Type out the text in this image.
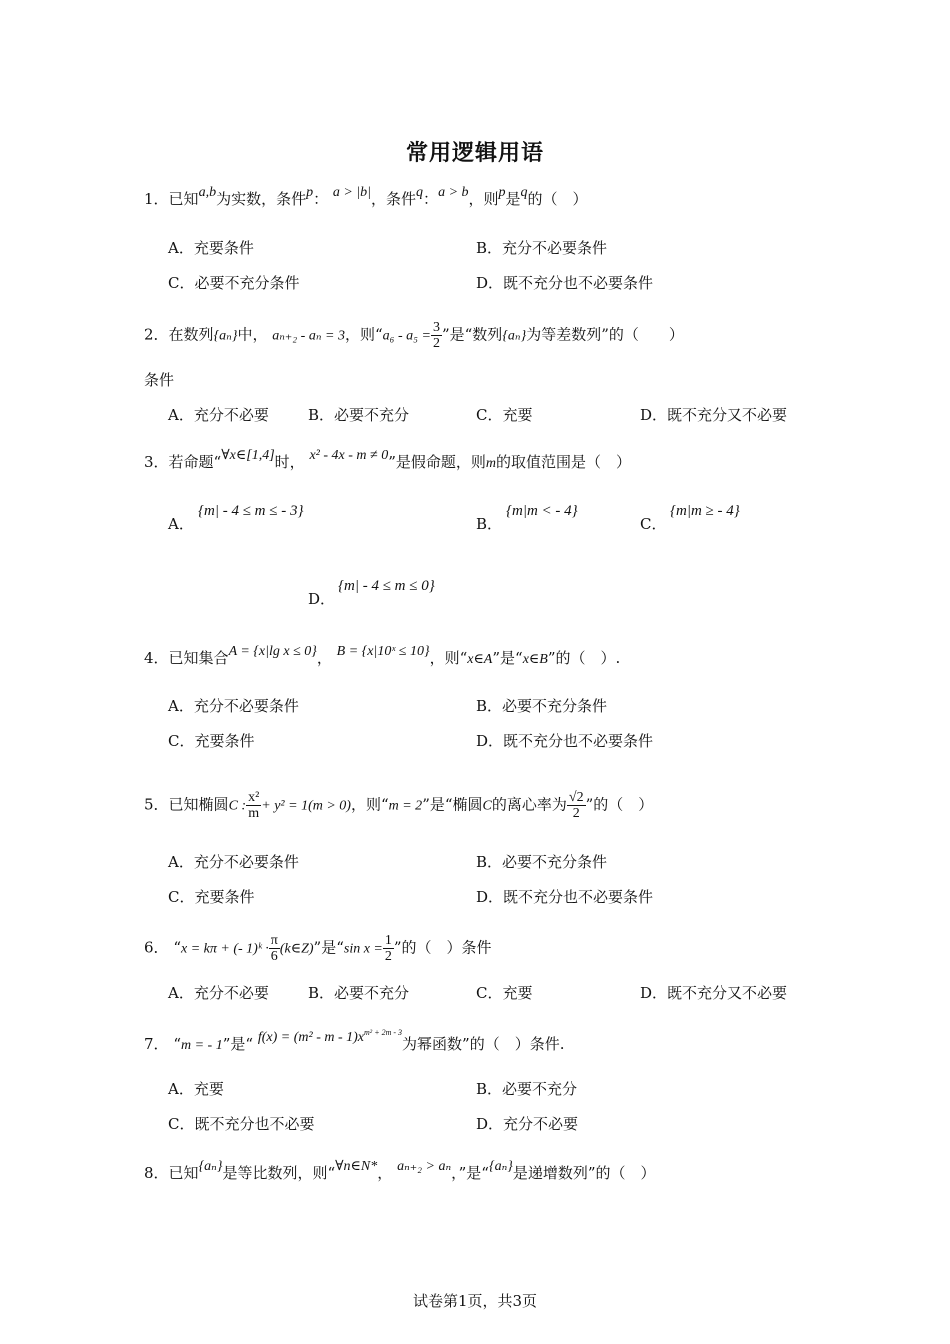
常用逻辑用语
1．已知a,b为实数，条件p： a > |b|，条件q：a > b，则p是q的（　）
A．充要条件	B．充分不必要条件
C．必要不充分条件	D．既不充分也不必要条件
2．在数列{aₙ}中， aₙ₊₂ - aₙ = 3，则“$a_6 - a_5 = \frac{3}{2}$ ”是“数列{aₙ}为等差数列”的（　　）
条件
A．充分不必要	B．必要不充分	C．充要	D．既不充分又不必要
3．若命题“∀x∈[1,4]时， x² - 4x - m ≠ 0”是假命题，则m的取值范围是（　）
A．
{m| - 4 ≤ m ≤ - 3}
B．
{m|m < - 4}
C．
{m|m ≥ - 4}
D．
{m| - 4 ≤ m ≤ 0}
4．已知集合A = {x|lg x ≤ 0}， B = {x|10ˣ ≤ 10}，则“x∈A”是“x∈B”的（　）.
A．充分不必要条件	B．必要不充分条件
C．充要条件	D．既不充分也不必要条件
5．已知椭圆C : $\frac{\text{x²}}{m} + y^2 = 1(m > 0)$，则“m = 2”是“椭圆C的离心率为 $\frac{√2}{2}$ ”的（　）
A．充分不必要条件	B．必要不充分条件
C．充要条件	D．既不充分也不必要条件
6． “x = kπ + (- 1)ᵏ · $\frac{\pi}{6}$ (k∈Z)”是“sin $x = \frac{1}{2}$ ”的（　）条件
A．充分不必要	B．必要不充分	C．充要	D．既不充分又不必要
7． “m = - 1”是“ $f(x) = (m^2 - m - 1)x^{m^2 + 2m - 3}$为幂函数”的（　）条件.
A．充要	B．必要不充分
C．既不充分也不必要	D．充分不必要
8．已知{aₙ}是等比数列，则“∀n∈N*， aₙ₊₂ > aₙ，”是“{aₙ}是递增数列”的（　）
试卷第1页，共3页
